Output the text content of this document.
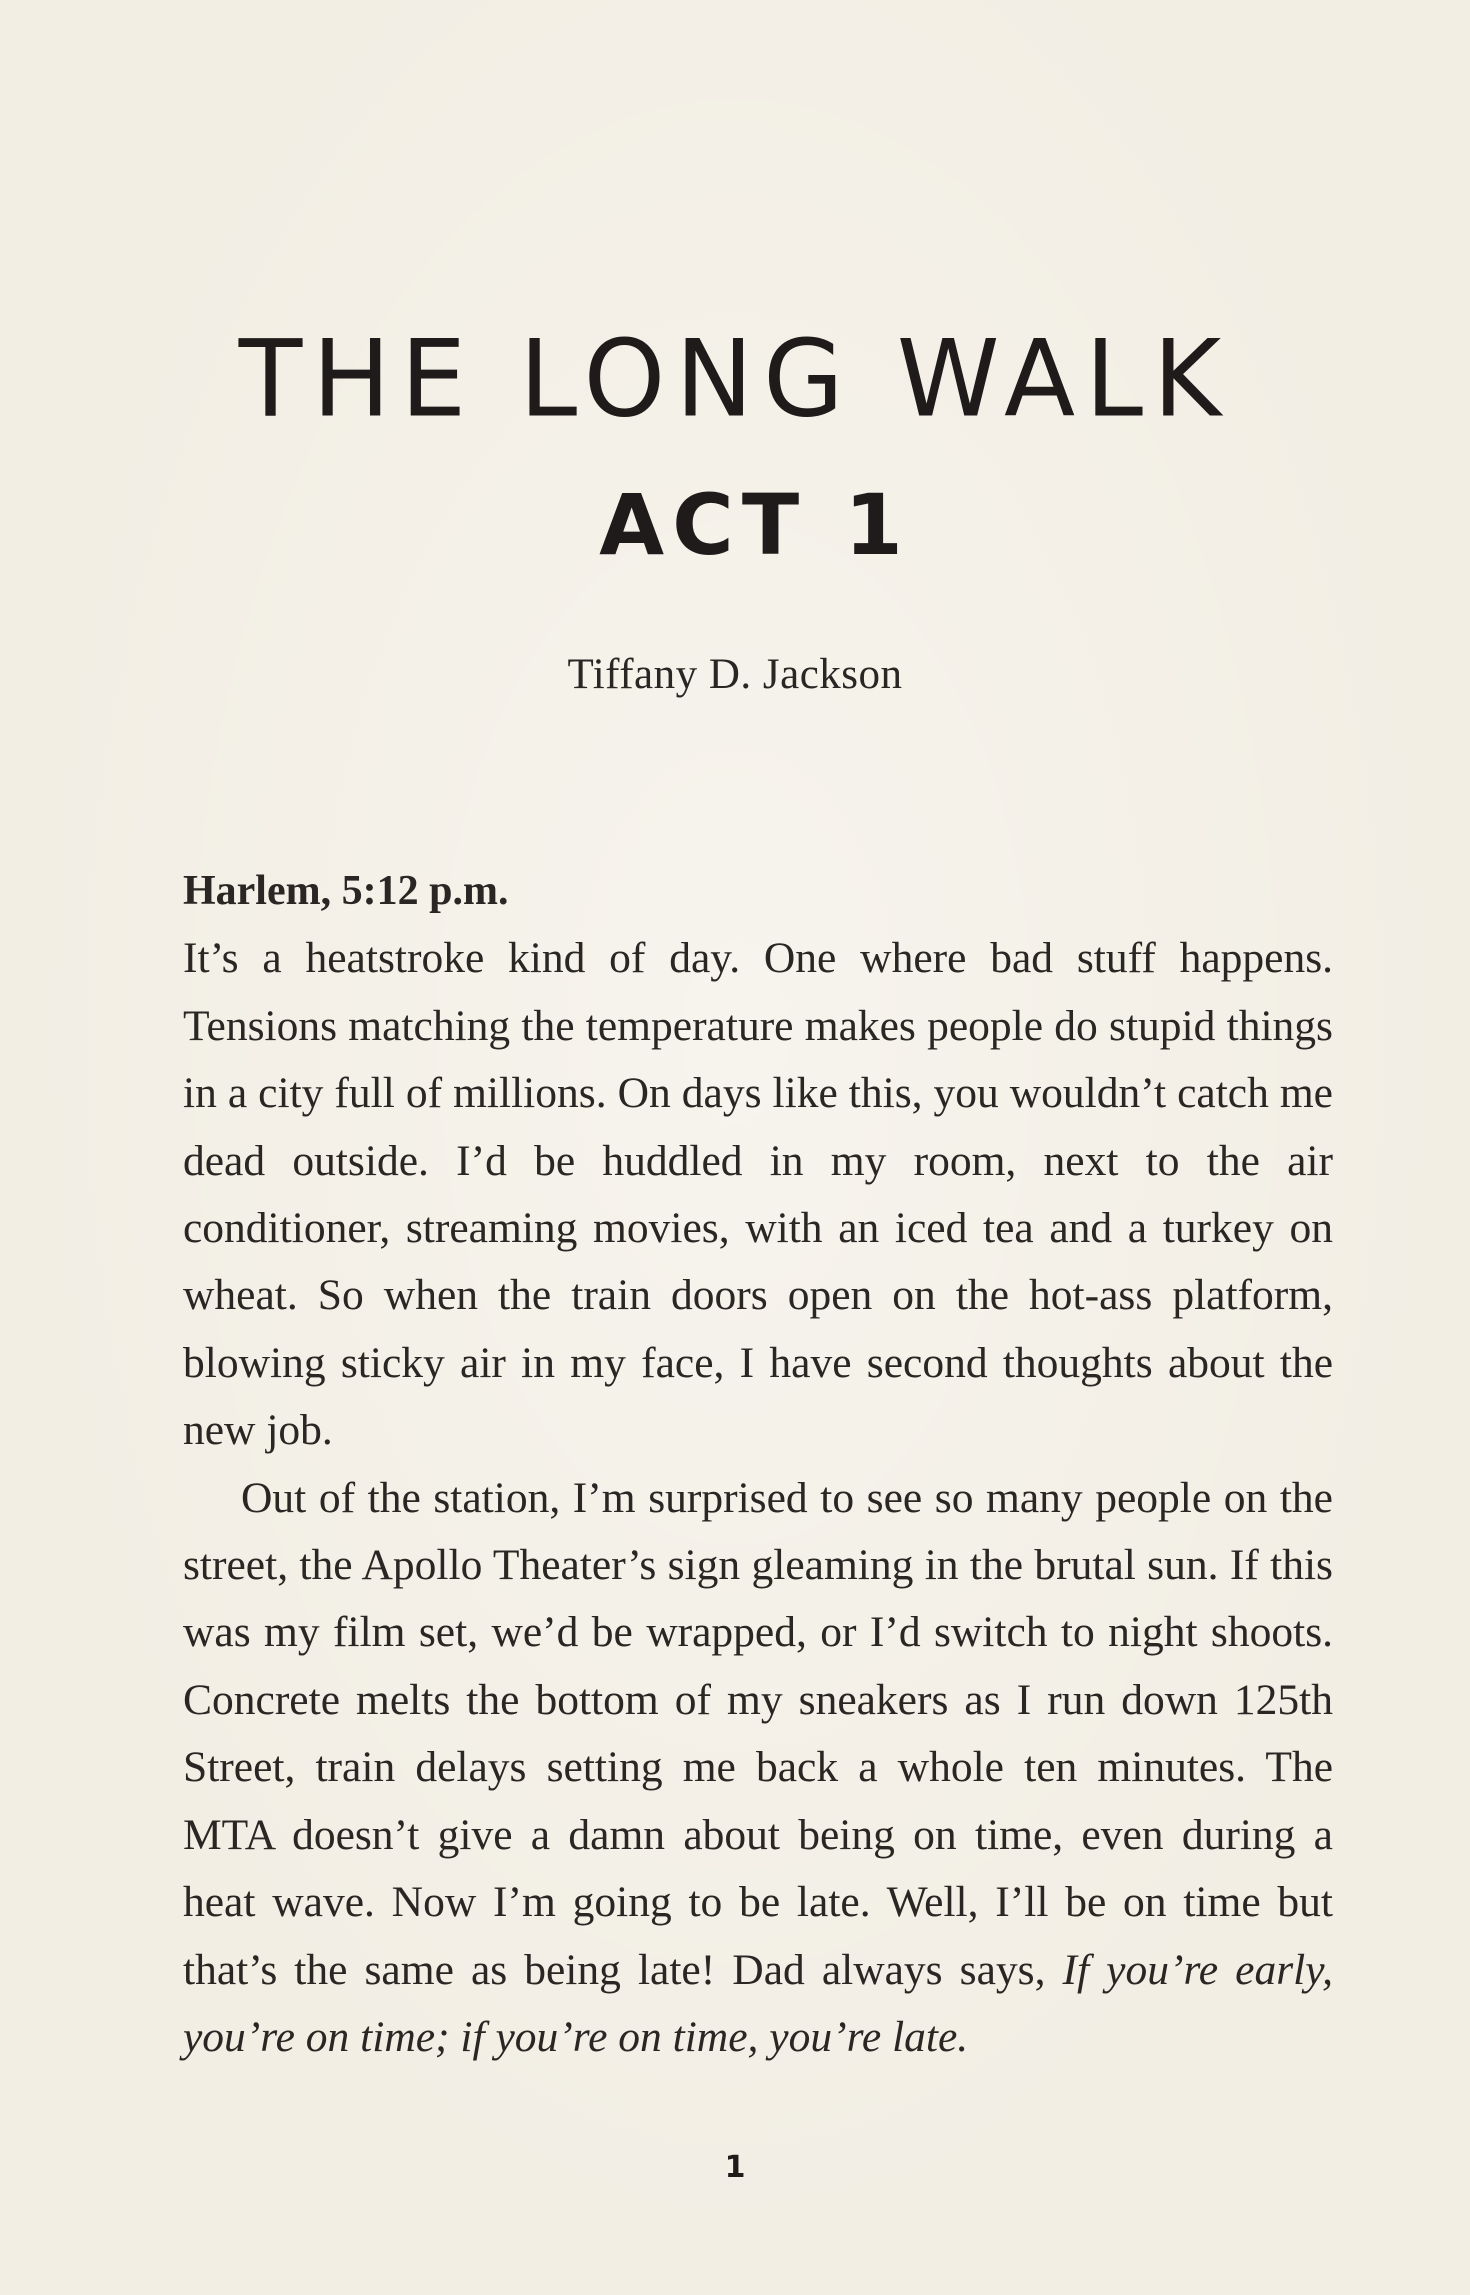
THE LONG WALK
ACT 1
Tiffany D. Jackson
Harlem, 5:12 p.m.

It’s a heatstroke kind of day. One where bad stuff happens. Tensions matching the temperature makes people do stupid things in a city full of millions. On days like this, you wouldn’t catch me dead outside. I’d be huddled in my room, next to the air conditioner, streaming movies, with an iced tea and a turkey on wheat. So when the train doors open on the hot-ass platform, blowing sticky air in my face, I have second thoughts about the new job.

Out of the station, I’m surprised to see so many people on the street, the Apollo Theater’s sign gleaming in the brutal sun. If this was my film set, we’d be wrapped, or I’d switch to night shoots. Concrete melts the bottom of my sneakers as I run down 125th Street, train delays setting me back a whole ten minutes. The MTA doesn’t give a damn about being on time, even during a heat wave. Now I’m going to be late. Well, I’ll be on time but that’s the same as being late! Dad always says, If you’re early, you’re on time; if you’re on time, you’re late.

1
